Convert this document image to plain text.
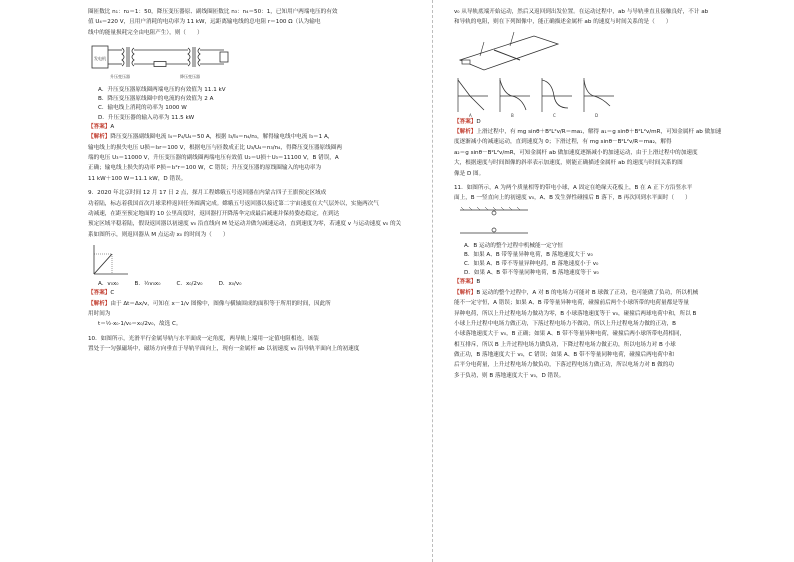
圈匝数比 n₁：n₂＝1：50，降压变压器原、副线圈匝数比 n₃：n₄＝50：1，已知用户两端电压的有效

值 U₄＝220 V，且用户消耗的电功率为 11 kW，远距离输电线的总电阻 r＝100 Ω（认为输电

线中的能量损耗完全由电阻产生），则（　　）

发电机
升压变压器	降压变压器

A．升压变压器原线圈两端电压的有效值为 11.1 kV

B．降压变压器原线圈中的电流的有效值为 2 A

C．输电线上消耗的功率为 1000 W

D．升压变压器的输入功率为 11.5 kW

【答案】A

【解析】降压变压器副线圈电流 I₄＝P₄/U₄＝50 A，根据 I₃/I₄＝n₄/n₃，解得输电线中电流 I₃＝1 A，

输电线上的损失电压 U损＝I₃r＝100 V，根据电压与匝数成正比 U₃/U₄＝n₃/n₄，得降压变压器原线圈两

端的电压 U₃＝11000 V，升压变压器的副线圈两端电压有效值 U₂＝U损＋U₃＝11100 V，B 错误，A

正确；输电线上损失的功率 P损＝I₃²r＝100 W，C 错误；升压变压器的原线圈输入的电功率为

11 kW＋100 W＝11.1 kW，D 错误。

9．2020 年北京时间 12 月 17 日 2 点，探月工程嫦娥五号返回器在内蒙古四子王旗预定区域成

功着陆，标志着我国首次月球采样返回任务圆满完成。嫦娥五号返回器以接近第二宇宙速度在大气层外以，实施两次气

动减速，在距至预定地面的 10 公里高度时，返回器打开降落伞完成最后减速并保持姿态稳定，在到达

预定区域平稳着陆，假设返回器以初速度 v₀ 沿直线向 M 处运动并做匀减速运动，直到速度为零，若速度 v 与运动速度 v₀ 的关

系如图所示，则返回器从 M 点运动 x₀ 的时间为（　　）

A．v₀x₀	B．½v₀x₀	C．x₀/2v₀	D．x₀/v₀

【答案】C

【解析】由于 Δt＝Δx/v，可知在 x－1/v 图像中，图像与横轴围成的面积等于所用的时间，因此所

用时间为

t＝½·x₀·1/v₀＝x₀/2v₀，故选 C。

10．如图所示，光滑平行金属导轨与水平面成一定角度，两导轨上端用一定值电阻相连，该装

置处于一匀强磁场中，磁场方向垂直于导轨平面向上，现有一金属杆 ab 以初速度 v₀ 沿导轨平面向上的初速度

v₀ 从导轨底端开始运动，然后又返回到出发位置。在运动过程中，ab 与导轨垂直且接触良好，不计 ab

和导轨的电阻，则在下列图像中，能正确描述金属杆 ab 的速度与时间关系的是（　　）

A	B	C	D

【答案】D

【解析】上滑过程中，有 mg sinθ＋B²L²v/R＝ma₁，解得 a₁＝g sinθ＋B²L²v/mR，可知金属杆 ab 做加速

度逐渐减小的减速运动，直到速度为 0；下滑过程，有 mg sinθ－B²L²v/R＝ma₂，解得

a₂＝g sinθ－B²L²v/mR，可知金属杆 ab 做加速度逐渐减小的加速运动，由于上滑过程中的加速度

大，根据速度与时间图像的斜率表示加速度，则能正确描述金属杆 ab 的速度与时间关系的图

像是 D 图。

11．如图所示，A 为两个质量相等的带电小球，A 固定在绝缘天花板上，B 在 A 正下方沿竖水平

面上，B 一竖直向上的初速度 v₀，A、B 发生弹性碰撞后 B 落下，B 再次回到水平面时（　　）

A．B 运动的整个过程中机械能一定守恒

B．如果 A、B 带等量异种电荷，B 落地速度大于 v₀

C．如果 A、B 带不等量异种电荷，B 落地速度小于 v₀

D．如果 A、B 带不等量同种电荷，B 落地速度等于 v₀

【答案】B

【解析】B 运动的整个过程中，A 对 B 的电场力可能对 B 球做了正功，也可能做了负功，所以机械

能不一定守恒，A 错误；如果 A、B 带等量异种电荷，碰撞前后两个小球所带的电荷量都是等量

异种电荷，所以上升过程电场力做功为零，B 小球落地速度等于 v₀，碰撞后两球电荷中和，所以 B

小球上升过程中电场力做正功，下落过程电场力不做功，所以上升过程电场力做的正功，B

小球落地速度大于 v₀，B 正确；如果 A、B 带不等量异种电荷，碰撞后两小球所带电荷相同，

相互排斥，所以 B 上升过程电场力做负功，下降过程电场力做正功，所以电场力对 B 小球

做正功，B 落地速度大于 v₀，C 错误；如果 A、B 带不等量同种电荷，碰撞后两电荷中和

后平分电荷量，上升过程电场力做负功，下落过程电场力做正功，所以电场力对 B 做的功

多于负功，则 B 落地速度大于 v₀，D 错误。
